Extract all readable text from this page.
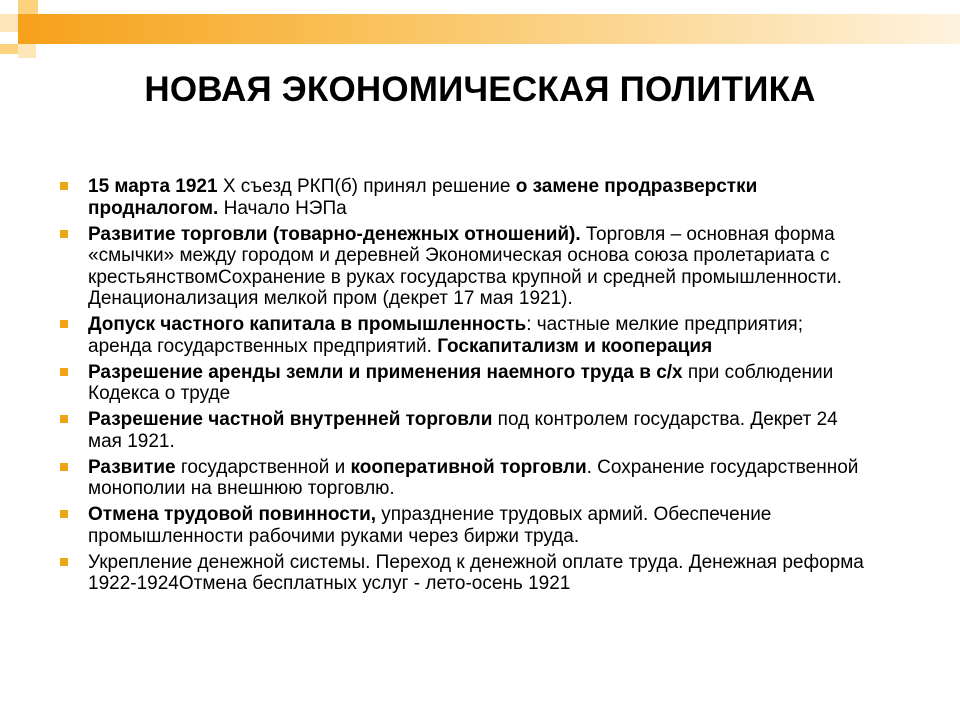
НОВАЯ ЭКОНОМИЧЕСКАЯ ПОЛИТИКА
15 марта 1921 Х съезд РКП(б) принял решение о замене продразверстки продналогом. Начало НЭПа
Развитие торговли (товарно-денежных отношений). Торговля – основная форма «смычки» между городом и деревней Экономическая основа союза пролетариата с крестьянствомСохранение в руках государства крупной и средней промышленности. Денационализация мелкой пром (декрет 17 мая 1921).
Допуск частного капитала в промышленность: частные мелкие предприятия; аренда государственных предприятий. Госкапитализм и кооперация
Разрешение аренды земли и применения наемного труда в с/х при соблюдении Кодекса о труде
Разрешение частной внутренней торговли под контролем государства. Декрет 24 мая 1921.
Развитие государственной и кооперативной торговли. Сохранение государственной монополии на внешнюю торговлю.
Отмена трудовой повинности, упразднение трудовых армий. Обеспечение промышленности рабочими руками через биржи труда.
Укрепление денежной системы. Переход к денежной оплате труда. Денежная реформа 1922-1924Отмена бесплатных услуг - лето-осень 1921
